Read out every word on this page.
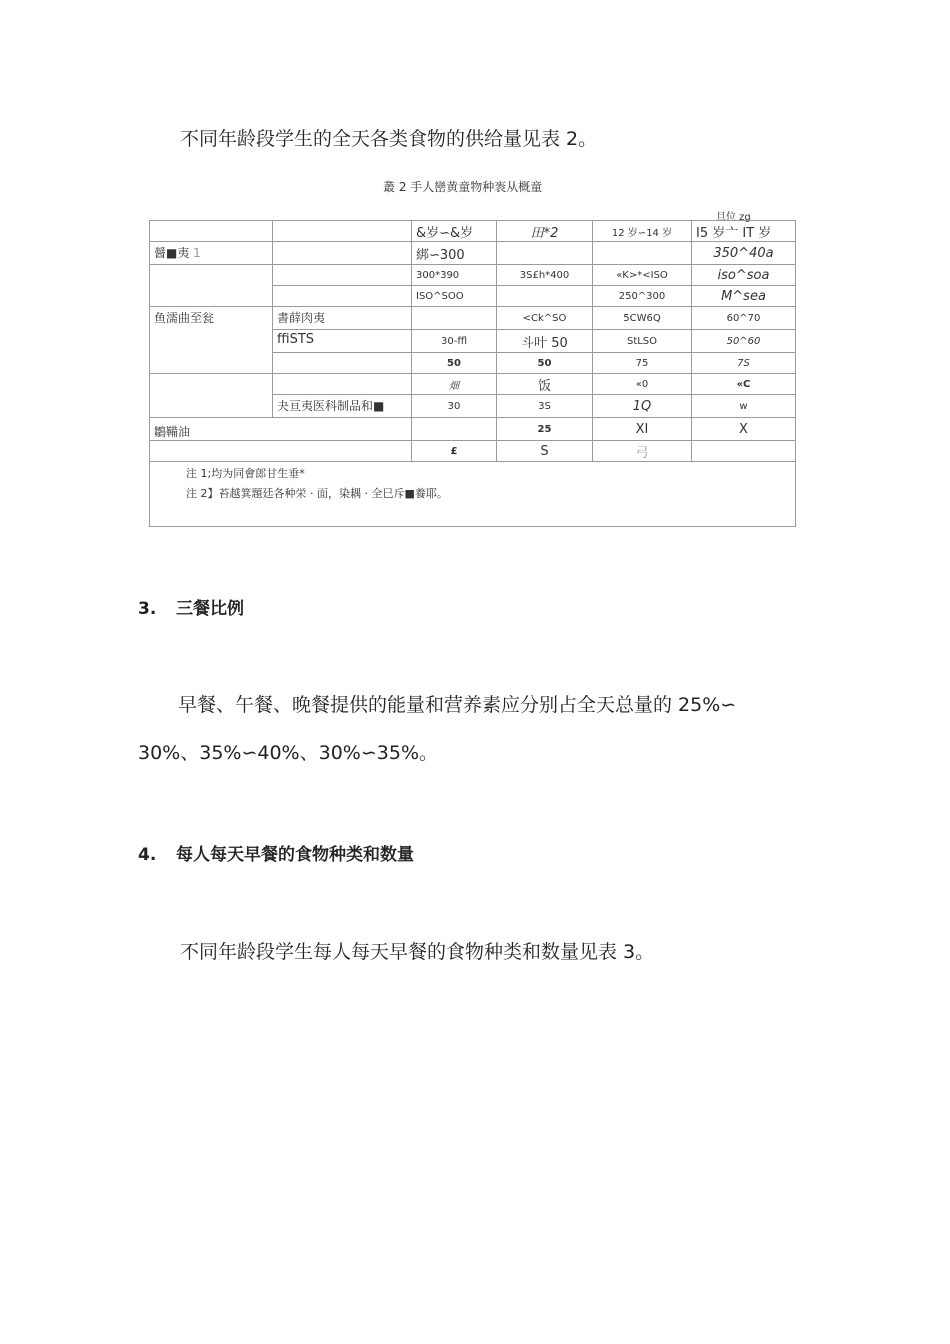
不同年龄段学生的全天各类食物的供给量见表 2。
叢 2 手人巒黄童物种袠从概童
旦位 zg
		&岁∽&岁	田*2	12 岁∽14 岁	I5 岁亠 IT 岁
醤■夷 1		綁∽300			350^40a
		300*390	3S£h*400	«K>*<ISO	iso^soa
		ISO^SOO		250^300	M^sea
鱼濡曲至瓮	書薛肉夷		<Ck^SO	5CW6Q	60^70
	ffiSTS	30-ffl	斗叶 50	StLSO	50^60
		50	50	75	7S
		畑	饭	«0	«C
	夬亘夷医科制品和■	30	3S	1Q	w
鶵鞴油			25	XI	X
		£	S	弓	

注 1;均为同會郎甘生垂*
注 2】苔越箕題廷各种栄 · 面，染耦 · 全巳斥■養耶。					
3. 三餐比例
早餐、午餐、晚餐提供的能量和营养素应分别占全天总量的 25%∽
30%、35%∽40%、30%∽35%。
4. 每人每天早餐的食物种类和数量
不同年龄段学生每人每天早餐的食物种类和数量见表 3。
